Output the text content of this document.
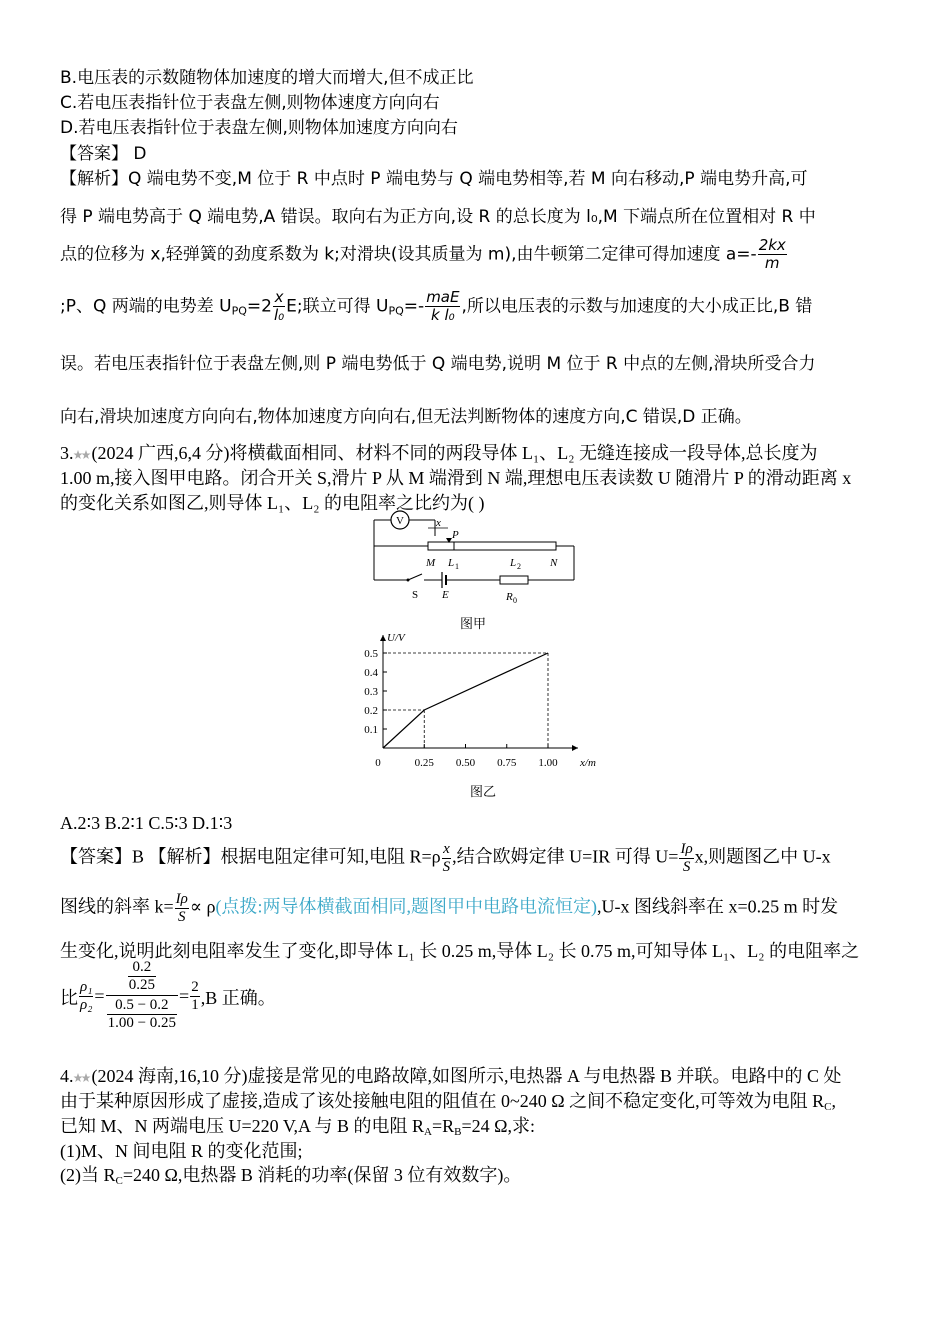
B.电压表的示数随物体加速度的增大而增大,但不成正比
C.若电压表指针位于表盘左侧,则物体速度方向向右
D.若电压表指针位于表盘左侧,则物体加速度方向向右
【答案】 D
【解析】Q 端电势不变,M 位于 R 中点时 P 端电势与 Q 端电势相等,若 M 向右移动,P 端电势升高,可
得 P 端电势高于 Q 端电势,A 错误。取向右为正方向,设 R 的总长度为 l₀,M 下端点所在位置相对 R 中
点的位移为 x,轻弹簧的劲度系数为 k;对滑块(设其质量为 m),由牛顿第二定律可得加速度 $a=- \frac{2kx}{m}$
;P、Q 两端的电势差 $U_{PQ}=2 \frac{x}{\text{l₀}} E$;联立可得 $U_{PQ}=- \frac{\text{maE}}{\text{k l₀}}$ ,所以电压表的示数与加速度的大小成正比,B 错
误。若电压表指针位于表盘左侧,则 P 端电势低于 Q 端电势,说明 M 位于 R 中点的左侧,滑块所受合力
向右,滑块加速度方向向右,物体加速度方向向右,但无法判断物体的速度方向,C 错误,D 正确。
3. (2024 广西,6,4 分)将横截面相同、材料不同的两段导体 L₁、L₂ 无缝连接成一段导体,总长度为
1.00 m,接入图甲电路。闭合开关 S,滑片 P 从 M 端滑到 N 端,理想电压表读数 U 随滑片 P 的滑动距离 x
的变化关系如图乙,则导体 L₁、L₂ 的电阻率之比约为( )
V	x
P
M L 1	L 2	N
S E	R 0
图甲
0.1
0.2
0.3
0.4
0.5
0	0.25 0.50 0.75 1.00 x/m
U/V
图乙
A.2∶3 B.2∶1 C.5∶3 D.1∶3
【答案】B 【解析】根据电阻定律可知,电阻 $R=\rho \frac{x}{S}$ ,结合欧姆定律 U=IR 可得 $U= \frac{I\rho}{S} x$,则题图乙中 U-x
图线的斜率 $k= \frac{I\rho}{S} \propto \rho$(点拨:两导体横截面相同,题图甲中电路电流恒定),U-x 图线斜率在 x=0.25 m 时发
生变化,说明此刻电阻率发生了变化,即导体 L₁ 长 0.25 m,导体 L₂ 长 0.75 m,可知导体 L₁、L₂ 的电阻率之
比 $\frac{\text{ρ₁}}{\text{ρ₂}} = \frac{\frac{0.2}{0.25}}{\frac{0.5 - 0.2}{1.00 - 0.25}} = \frac{2}{1} ,B$ 正确。
4. (2024 海南,16,10 分)虚接是常见的电路故障,如图所示,电热器 A 与电热器 B 并联。电路中的 C 处
由于某种原因形成了虚接,造成了该处接触电阻的阻值在 0~240 Ω 之间不稳定变化,可等效为电阻 $R_C$,
已知 M、N 两端电压 U=220 V,A 与 B 的电阻 $R_A=R_B=24$ Ω,求:
(1)M、N 间电阻 R 的变化范围;
(2)当 $R_C=240$ Ω,电热器 B 消耗的功率(保留 3 位有效数字)。
